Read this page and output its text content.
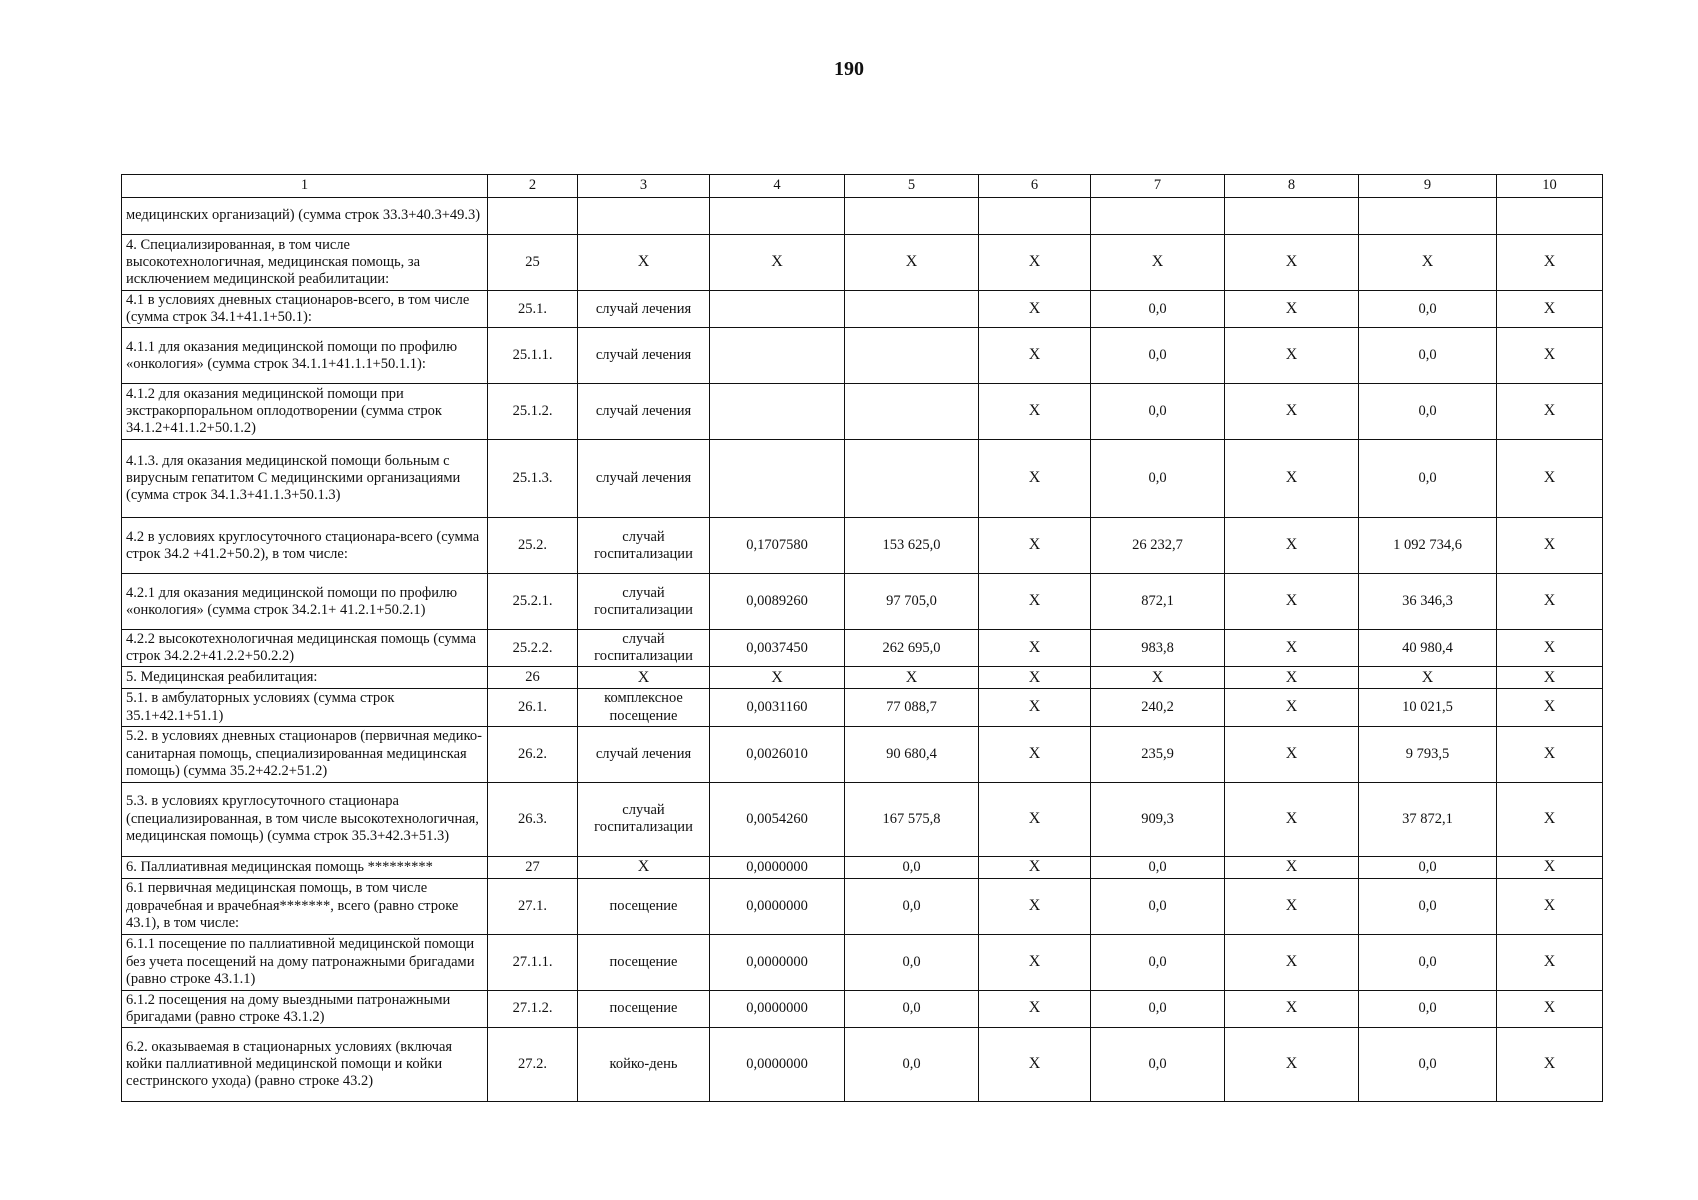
190
1	2	3	4	5	6	7	8	9	10
медицинских организаций) (сумма строк 33.3+40.3+49.3)									
4. Специализированная, в том числе высокотехнологичная, медицинская помощь, за исключением медицинской реабилитации:	25	X	X	X	X	X	X	X	X
4.1 в условиях дневных стационаров-всего, в том числе (сумма строк 34.1+41.1+50.1):	25.1.	случай лечения			X	0,0	X	0,0	X
4.1.1 для оказания медицинской помощи по профилю «онкология» (сумма строк 34.1.1+41.1.1+50.1.1):	25.1.1.	случай лечения			X	0,0	X	0,0	X
4.1.2 для оказания медицинской помощи при экстракорпоральном оплодотворении (сумма строк 34.1.2+41.1.2+50.1.2)	25.1.2.	случай лечения			X	0,0	X	0,0	X
4.1.3. для оказания медицинской помощи больным с вирусным гепатитом С медицинскими организациями (сумма строк 34.1.3+41.1.3+50.1.3)	25.1.3.	случай лечения			X	0,0	X	0,0	X
4.2 в условиях круглосуточного стационара-всего (сумма строк 34.2 +41.2+50.2), в том числе:	25.2.	случай госпитализации	0,1707580	153 625,0	X	26 232,7	X	1 092 734,6	X
4.2.1 для оказания медицинской помощи по профилю «онкология» (сумма строк 34.2.1+ 41.2.1+50.2.1)	25.2.1.	случай госпитализации	0,0089260	97 705,0	X	872,1	X	36 346,3	X
4.2.2 высокотехнологичная медицинская помощь (сумма строк 34.2.2+41.2.2+50.2.2)	25.2.2.	случай госпитализации	0,0037450	262 695,0	X	983,8	X	40 980,4	X
5. Медицинская реабилитация:	26	X	X	X	X	X	X	X	X
5.1. в амбулаторных условиях (сумма строк 35.1+42.1+51.1)	26.1.	комплексное посещение	0,0031160	77 088,7	X	240,2	X	10 021,5	X
5.2. в условиях дневных стационаров (первичная медико-санитарная помощь, специализированная медицинская помощь) (сумма 35.2+42.2+51.2)	26.2.	случай лечения	0,0026010	90 680,4	X	235,9	X	9 793,5	X
5.3. в условиях круглосуточного стационара (специализированная, в том числе высокотехнологичная, медицинская помощь) (сумма строк 35.3+42.3+51.3)	26.3.	случай госпитализации	0,0054260	167 575,8	X	909,3	X	37 872,1	X
6. Паллиативная медицинская помощь *********	27	X	0,0000000	0,0	X	0,0	X	0,0	X
6.1 первичная медицинская помощь, в том числе доврачебная и врачебная*******, всего (равно строке 43.1), в том числе:	27.1.	посещение	0,0000000	0,0	X	0,0	X	0,0	X
6.1.1 посещение по паллиативной медицинской помощи без учета посещений на дому патронажными бригадами (равно строке 43.1.1)	27.1.1.	посещение	0,0000000	0,0	X	0,0	X	0,0	X
6.1.2 посещения на дому выездными патронажными бригадами (равно строке 43.1.2)	27.1.2.	посещение	0,0000000	0,0	X	0,0	X	0,0	X
6.2. оказываемая в стационарных условиях (включая койки паллиативной медицинской помощи и койки сестринского ухода) (равно строке 43.2)	27.2.	койко-день	0,0000000	0,0	X	0,0	X	0,0	X
